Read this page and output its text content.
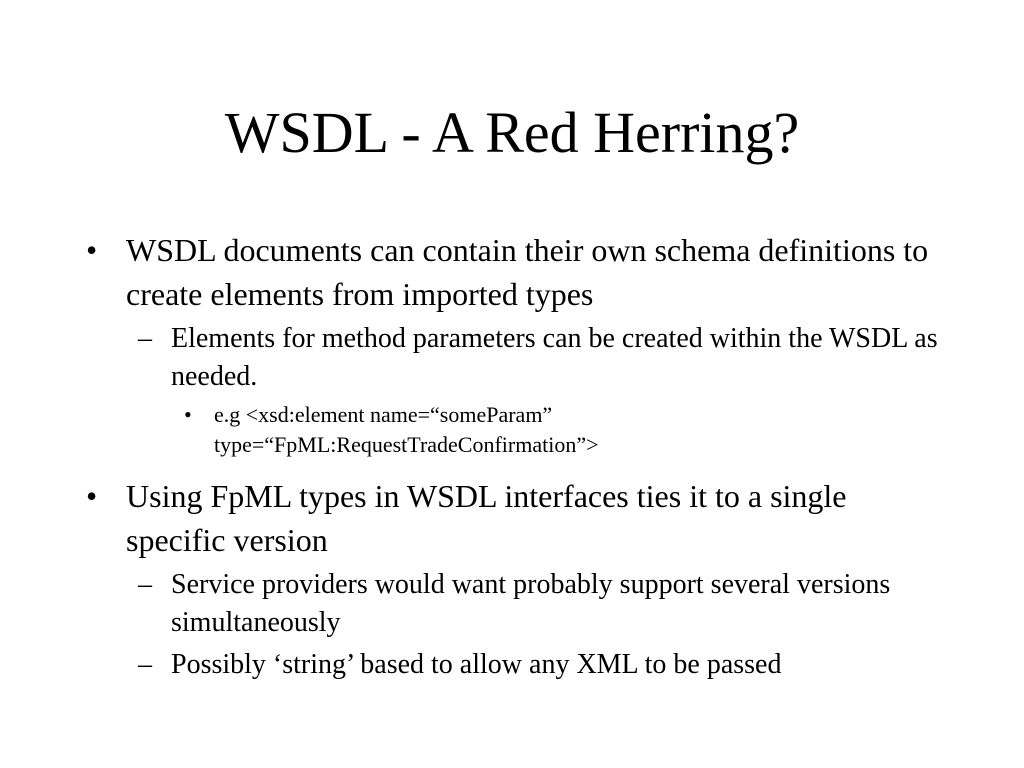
WSDL - A Red Herring?
• WSDL documents can contain their own schema definitions to create elements from imported types
– Elements for method parameters can be created within the WSDL as needed.
• e.g <xsd:element name=“someParam”
type=“FpML:RequestTradeConfirmation”>
• Using FpML types in WSDL interfaces ties it to a single specific version
– Service providers would want probably support several versions simultaneously
– Possibly ‘string’ based to allow any XML to be passed
